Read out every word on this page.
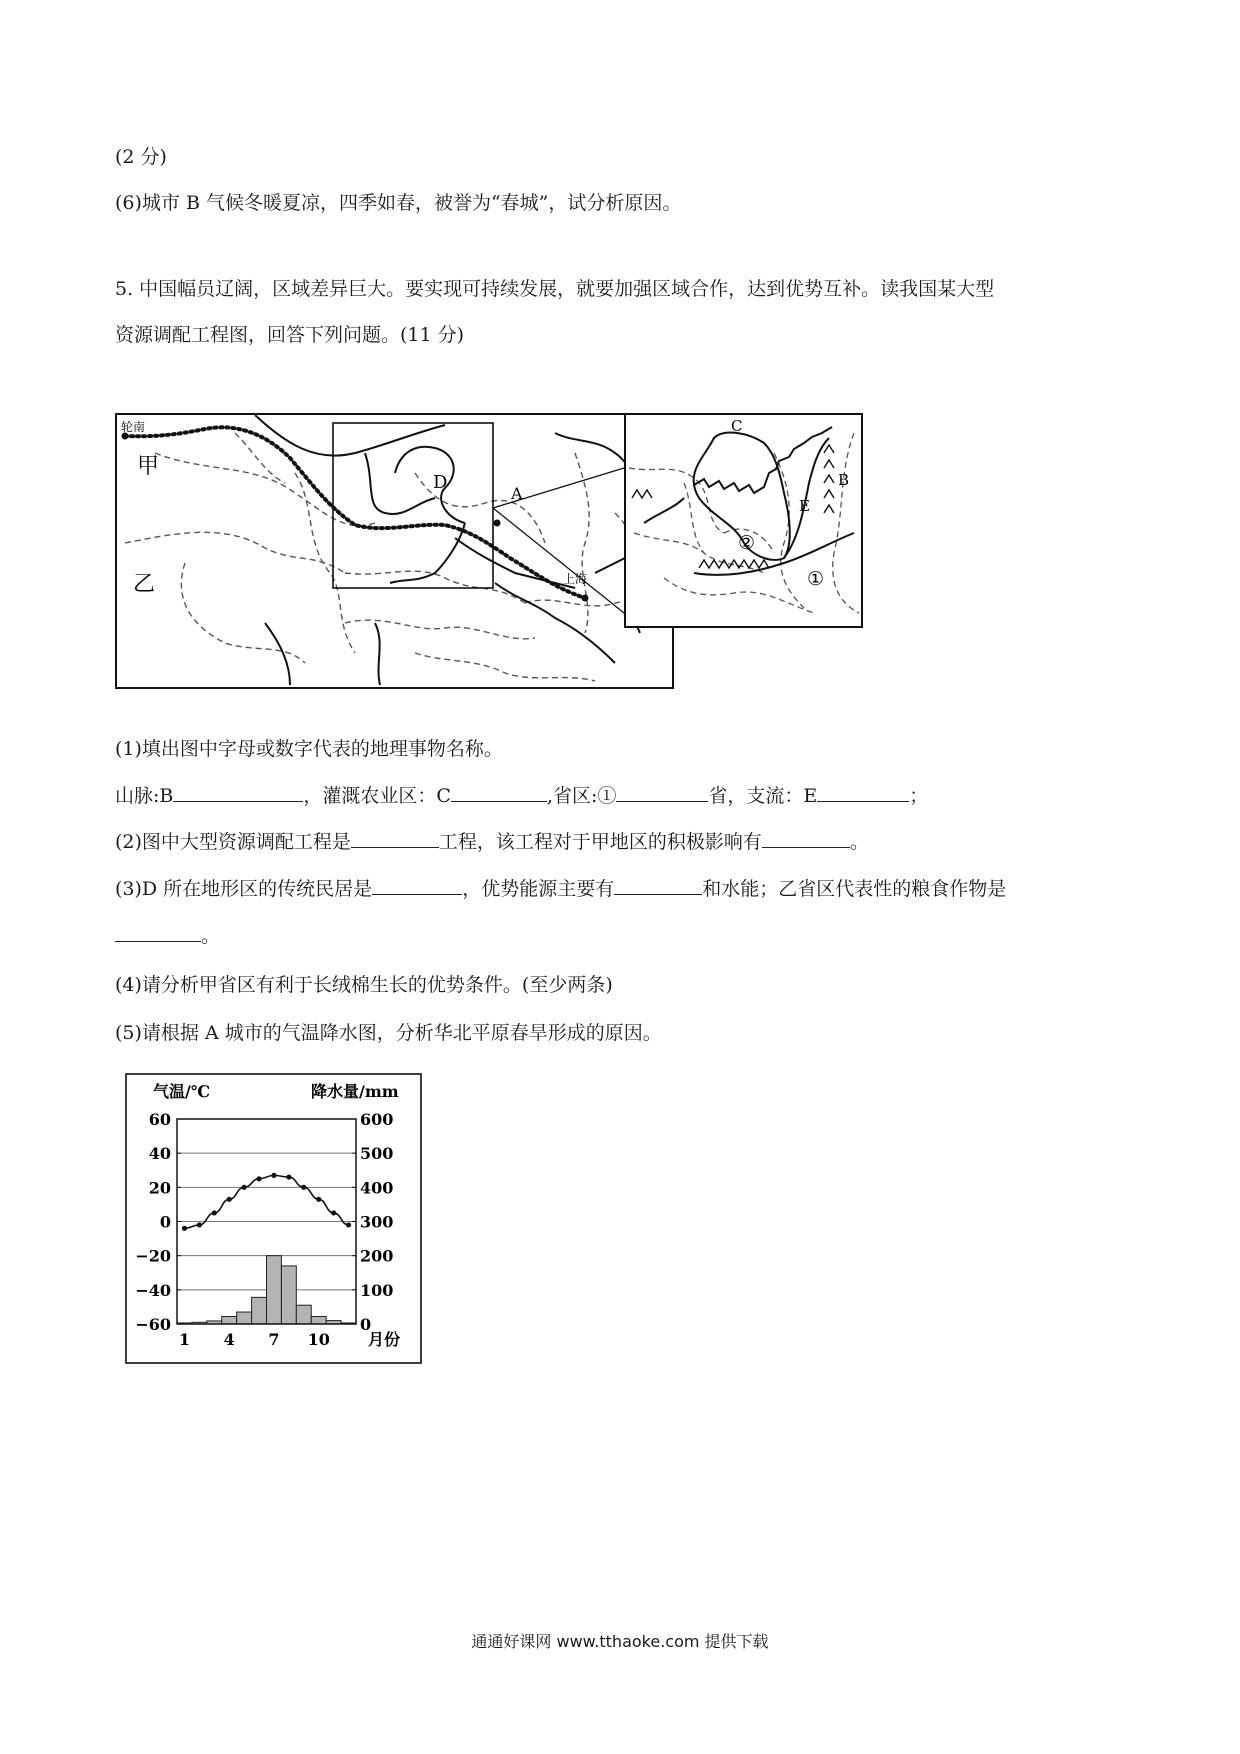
(2 分)
(6)城市 B 气候冬暖夏凉，四季如春，被誉为“春城”，试分析原因。
5. 中国幅员辽阔，区域差异巨大。要实现可持续发展，就要加强区域合作，达到优势互补。读我国某大型
资源调配工程图，回答下列问题。(11 分)
轮南
甲
乙
D
A
上海
C
B
E
②
①
(1)填出图中字母或数字代表的地理事物名称。
山脉:B	，灌溉农业区：C	,省区:①	省，支流：E	；
(2)图中大型资源调配工程是	工程，该工程对于甲地区的积极影响有	。
(3)D 所在地形区的传统民居是	，优势能源主要有	和水能；乙省区代表性的粮食作物是
。
(4)请分析甲省区有利于长绒棉生长的优势条件。(至少两条)
(5)请根据 A 城市的气温降水图，分析华北平原春旱形成的原因。
气温/℃	降水量/mm
60	600
40	500
20	400
0	300
−20	200
−40	100
−60	0
1 4 7 10 月份
通通好课网 www.tthaoke.com 提供下载
